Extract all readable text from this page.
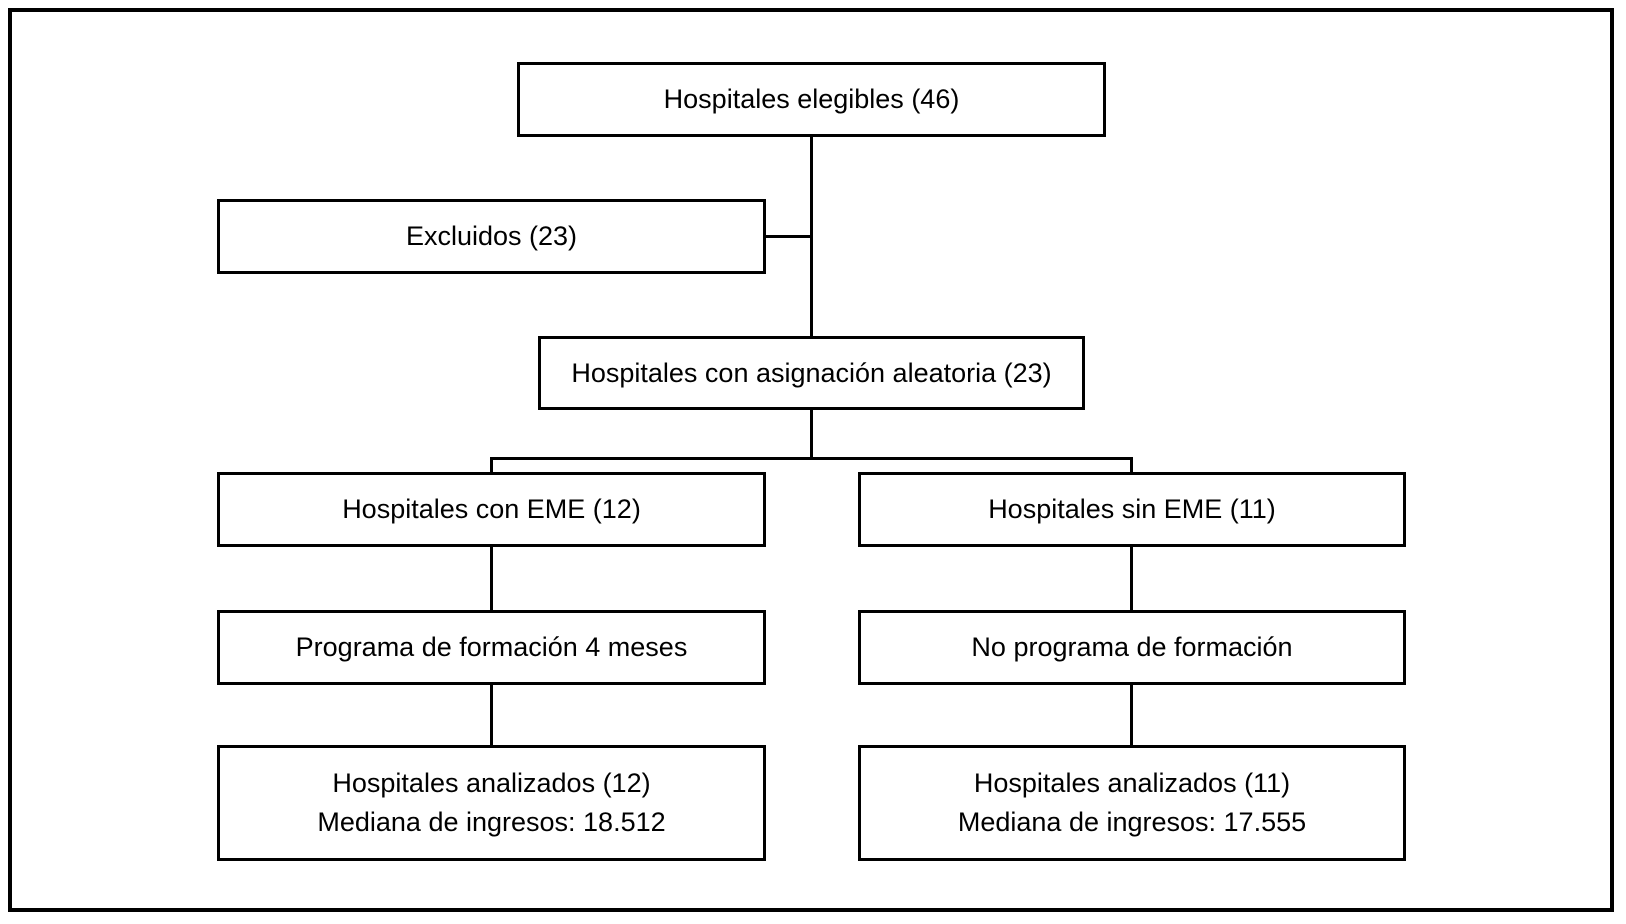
Hospitales elegibles (46)
Excluidos (23)
Hospitales con asignación aleatoria (23)
Hospitales con EME (12)	Hospitales sin EME (11)
Programa de formación 4 meses	No programa de formación
Hospitales analizados (12)
Mediana de ingresos: 18.512
Hospitales analizados (11)
Mediana de ingresos: 17.555
